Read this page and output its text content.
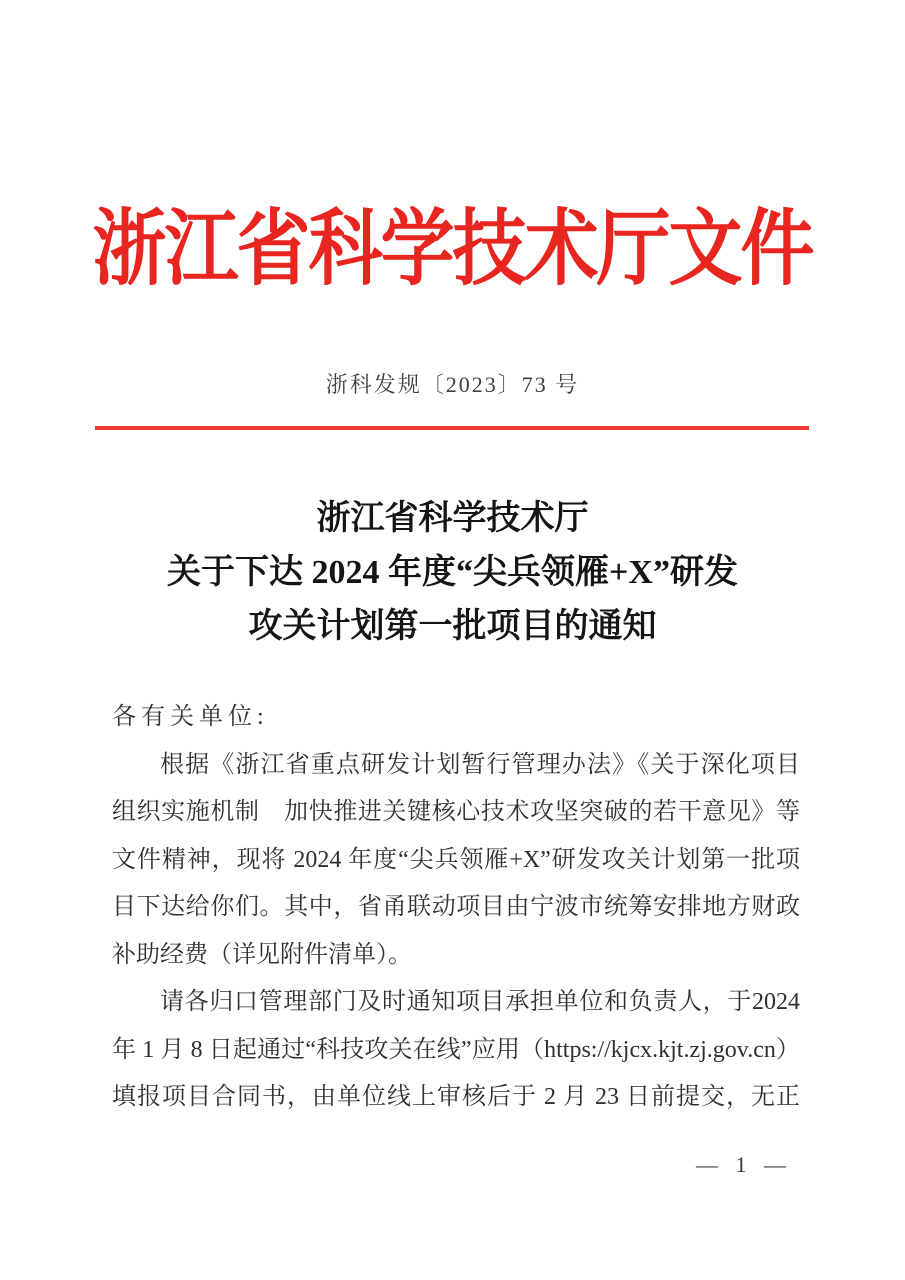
浙江省科学技术厅文件
浙科发规〔2023〕73 号
浙江省科学技术厅
关于下达 2024 年度“尖兵领雁+X”研发
攻关计划第一批项目的通知
各有关单位:
根据《浙江省重点研发计划暂行管理办法》《关于深化项目
组织实施机制　加快推进关键核心技术攻坚突破的若干意见》等
文件精神，现将 2024 年度“尖兵领雁+X”研发攻关计划第一批项
目下达给你们。其中，省甬联动项目由宁波市统筹安排地方财政
补助经费（详见附件清单）。
请各归口管理部门及时通知项目承担单位和负责人，于2024
年 1 月 8 日起通过“科技攻关在线”应用（https://kjcx.kjt.zj.gov.cn）
填报项目合同书，由单位线上审核后于 2 月 23 日前提交，无正
— 1 —
